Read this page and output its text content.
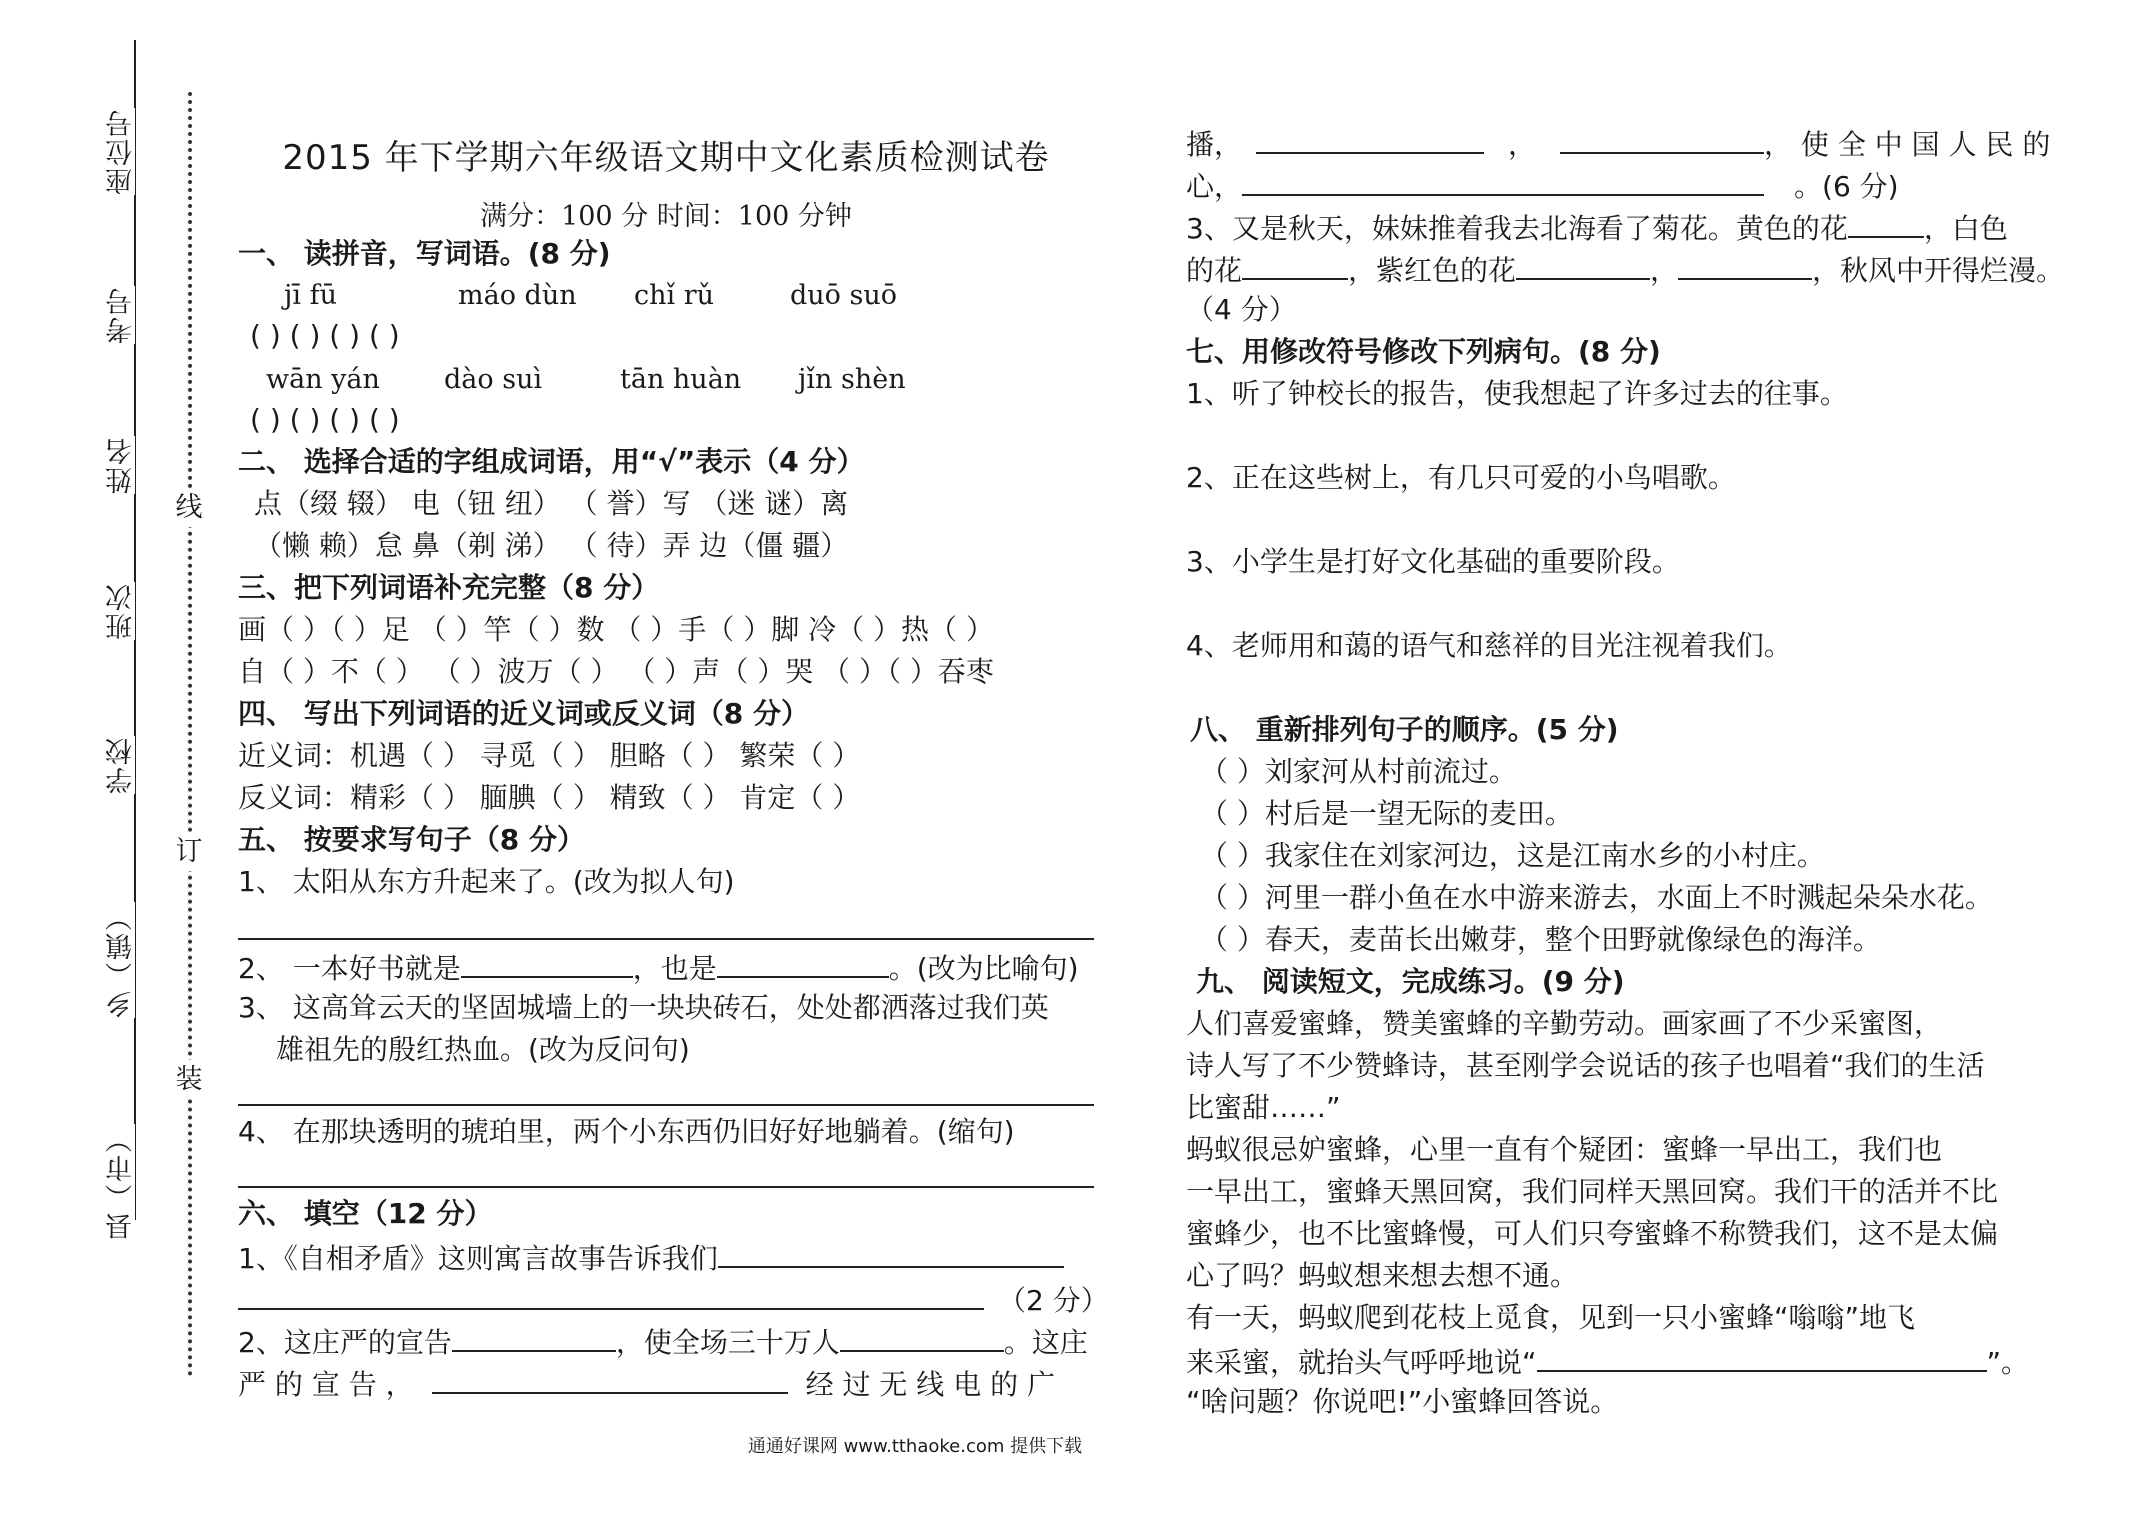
线
订
装
座位号
考号
姓名
班次
学校
乡（镇）
县（市）
2015 年下学期六年级语文期中文化素质检测试卷
满分：100 分 时间：100 分钟
一、 读拼音，写词语。(8 分)
jī fū	máo dùn chǐ rǔ	duō suō
( ) ( ) ( ) ( )
wān yán dào suì	tān huàn jǐn shèn
( ) ( ) ( ) ( )
二、 选择合适的字组成词语，用“√”表示（4 分）
点（缀 辍） 电（钮 纽） （ 誉）写 （迷 谜）离
（懒 赖）怠 鼻（剃 涕） （ 待）弄 边（僵 疆）
三、把下列词语补充完整（8 分）
画（ ）（ ）足 （ ）竿（ ）数 （ ）手（ ）脚 冷（ ）热（ ）
自（ ）不（ ） （ ）波万（ ） （ ）声（ ）哭 （ ）（ ）吞枣
四、 写出下列词语的近义词或反义词（8 分）
近义词：机遇（ ） 寻觅（ ） 胆略（ ） 繁荣（ ）
反义词：精彩（ ） 腼腆（ ） 精致（ ） 肯定（ ）
五、 按要求写句子（8 分）
1、 太阳从东方升起来了。(改为拟人句)
2、 一本好书就是	，也是	。(改为比喻句)
3、 这高耸云天的坚固城墙上的一块块砖石，处处都洒落过我们英
雄祖先的殷红热血。(改为反问句)
4、 在那块透明的琥珀里，两个小东西仍旧好好地躺着。(缩句)
六、 填空（12 分）
1、《自相矛盾》这则寓言故事告诉我们
（2 分）
2、这庄严的宣告	，使全场三十万人	。这庄
严 的 宣 告 ，	经 过 无 线 电 的 广
播，	，	， 使 全 中 国 人 民 的
心，	。(6 分)
3、又是秋天，妹妹推着我去北海看了菊花。黄色的花	，白色
的花	，紫红色的花	，	，秋风中开得烂漫。
（4 分）
七、用修改符号修改下列病句。(8 分)
1、听了钟校长的报告，使我想起了许多过去的往事。
2、正在这些树上，有几只可爱的小鸟唱歌。
3、小学生是打好文化基础的重要阶段。
4、老师用和蔼的语气和慈祥的目光注视着我们。
八、 重新排列句子的顺序。(5 分)
（ ）刘家河从村前流过。
（ ）村后是一望无际的麦田。
（ ）我家住在刘家河边，这是江南水乡的小村庄。
（ ）河里一群小鱼在水中游来游去，水面上不时溅起朵朵水花。
（ ）春天，麦苗长出嫩芽，整个田野就像绿色的海洋。
九、 阅读短文，完成练习。(9 分)
人们喜爱蜜蜂，赞美蜜蜂的辛勤劳动。画家画了不少采蜜图，
诗人写了不少赞蜂诗，甚至刚学会说话的孩子也唱着“我们的生活
比蜜甜……”
蚂蚁很忌妒蜜蜂，心里一直有个疑团：蜜蜂一早出工，我们也
一早出工，蜜蜂天黑回窝，我们同样天黑回窝。我们干的活并不比
蜜蜂少，也不比蜜蜂慢，可人们只夸蜜蜂不称赞我们，这不是太偏
心了吗？蚂蚁想来想去想不通。
有一天，蚂蚁爬到花枝上觅食，见到一只小蜜蜂“嗡嗡”地飞
来采蜜，就抬头气呼呼地说“	”。
“啥问题？你说吧!”小蜜蜂回答说。
通通好课网 www.tthaoke.com 提供下载
